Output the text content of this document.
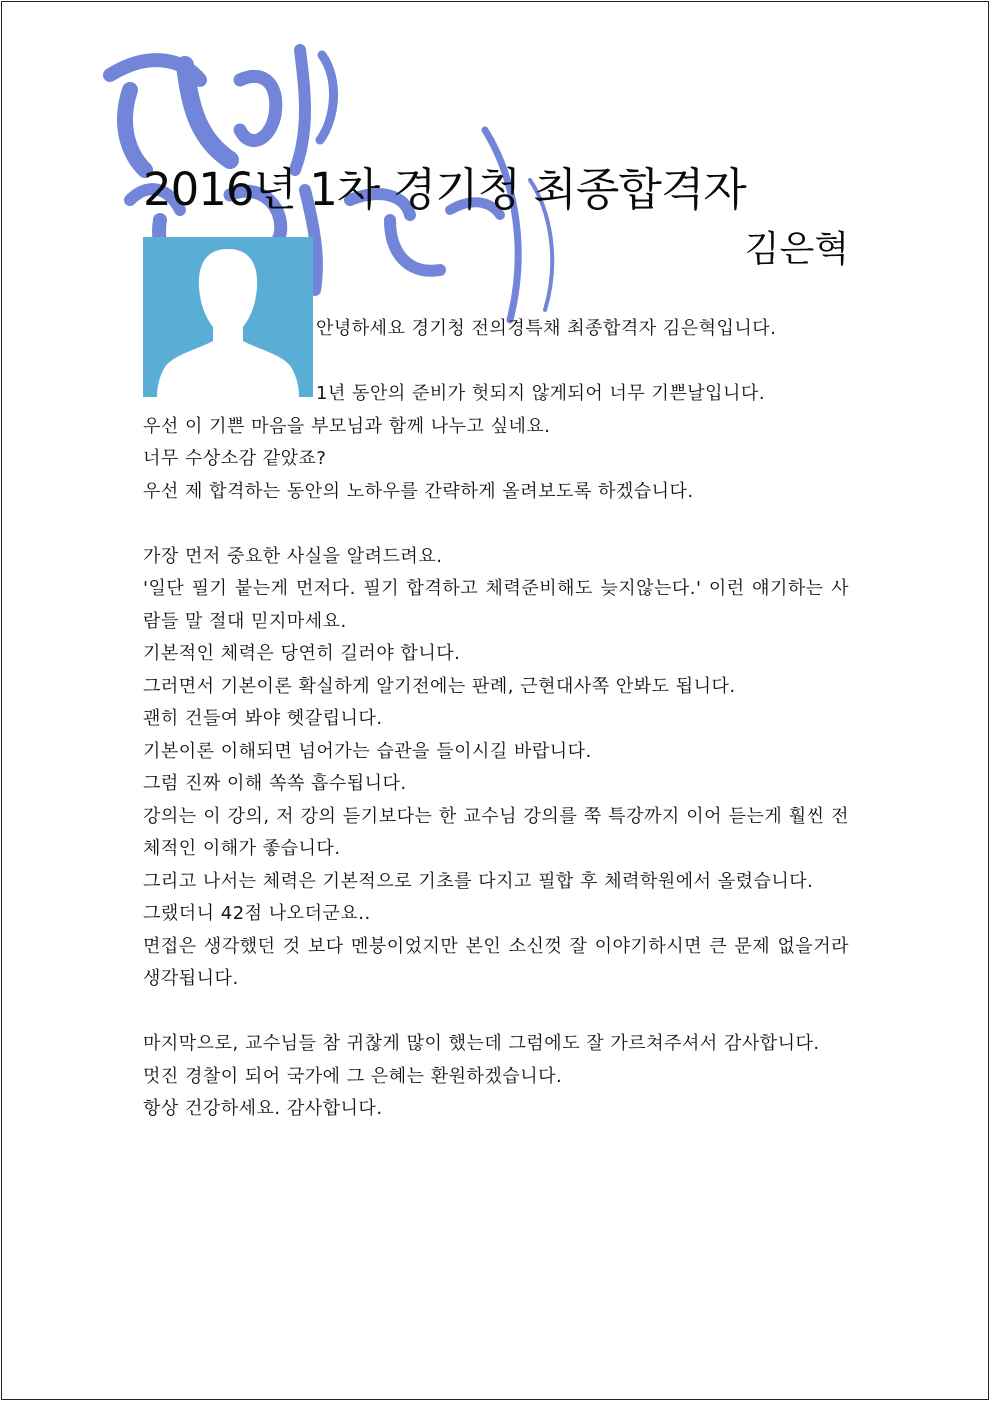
2016년 1차 경기청 최종합격자
김은혁

안녕하세요 경기청 전의경특채 최종합격자 김은혁입니다.

1년 동안의 준비가 헛되지 않게되어 너무 기쁜날입니다.

우선 이 기쁜 마음을 부모님과 함께 나누고 싶네요.

너무 수상소감 같았죠?

우선 제 합격하는 동안의 노하우를 간략하게 올려보도록 하겠습니다.

가장 먼저 중요한 사실을 알려드려요.

'일단 필기 붙는게 먼저다. 필기 합격하고 체력준비해도 늦지않는다.' 이런 얘기하는 사람들 말 절대 믿지마세요.

기본적인 체력은 당연히 길러야 합니다.

그러면서 기본이론 확실하게 알기전에는 판례, 근현대사쪽 안봐도 됩니다.

괜히 건들여 봐야 헷갈립니다.

기본이론 이해되면 넘어가는 습관을 들이시길 바랍니다.

그럼 진짜 이해 쏙쏙 흡수됩니다.

강의는 이 강의, 저 강의 듣기보다는 한 교수님 강의를 쭉 특강까지 이어 듣는게 훨씬 전체적인 이해가 좋습니다.

그리고 나서는 체력은 기본적으로 기초를 다지고 필합 후 체력학원에서 올렸습니다.

그랬더니 42점 나오더군요..

면접은 생각했던 것 보다 멘붕이었지만 본인 소신껏 잘 이야기하시면 큰 문제 없을거라 생각됩니다.

마지막으로, 교수님들 참 귀찮게 많이 했는데 그럼에도 잘 가르쳐주셔서 감사합니다.

멋진 경찰이 되어 국가에 그 은혜는 환원하겠습니다.

항상 건강하세요. 감사합니다.
